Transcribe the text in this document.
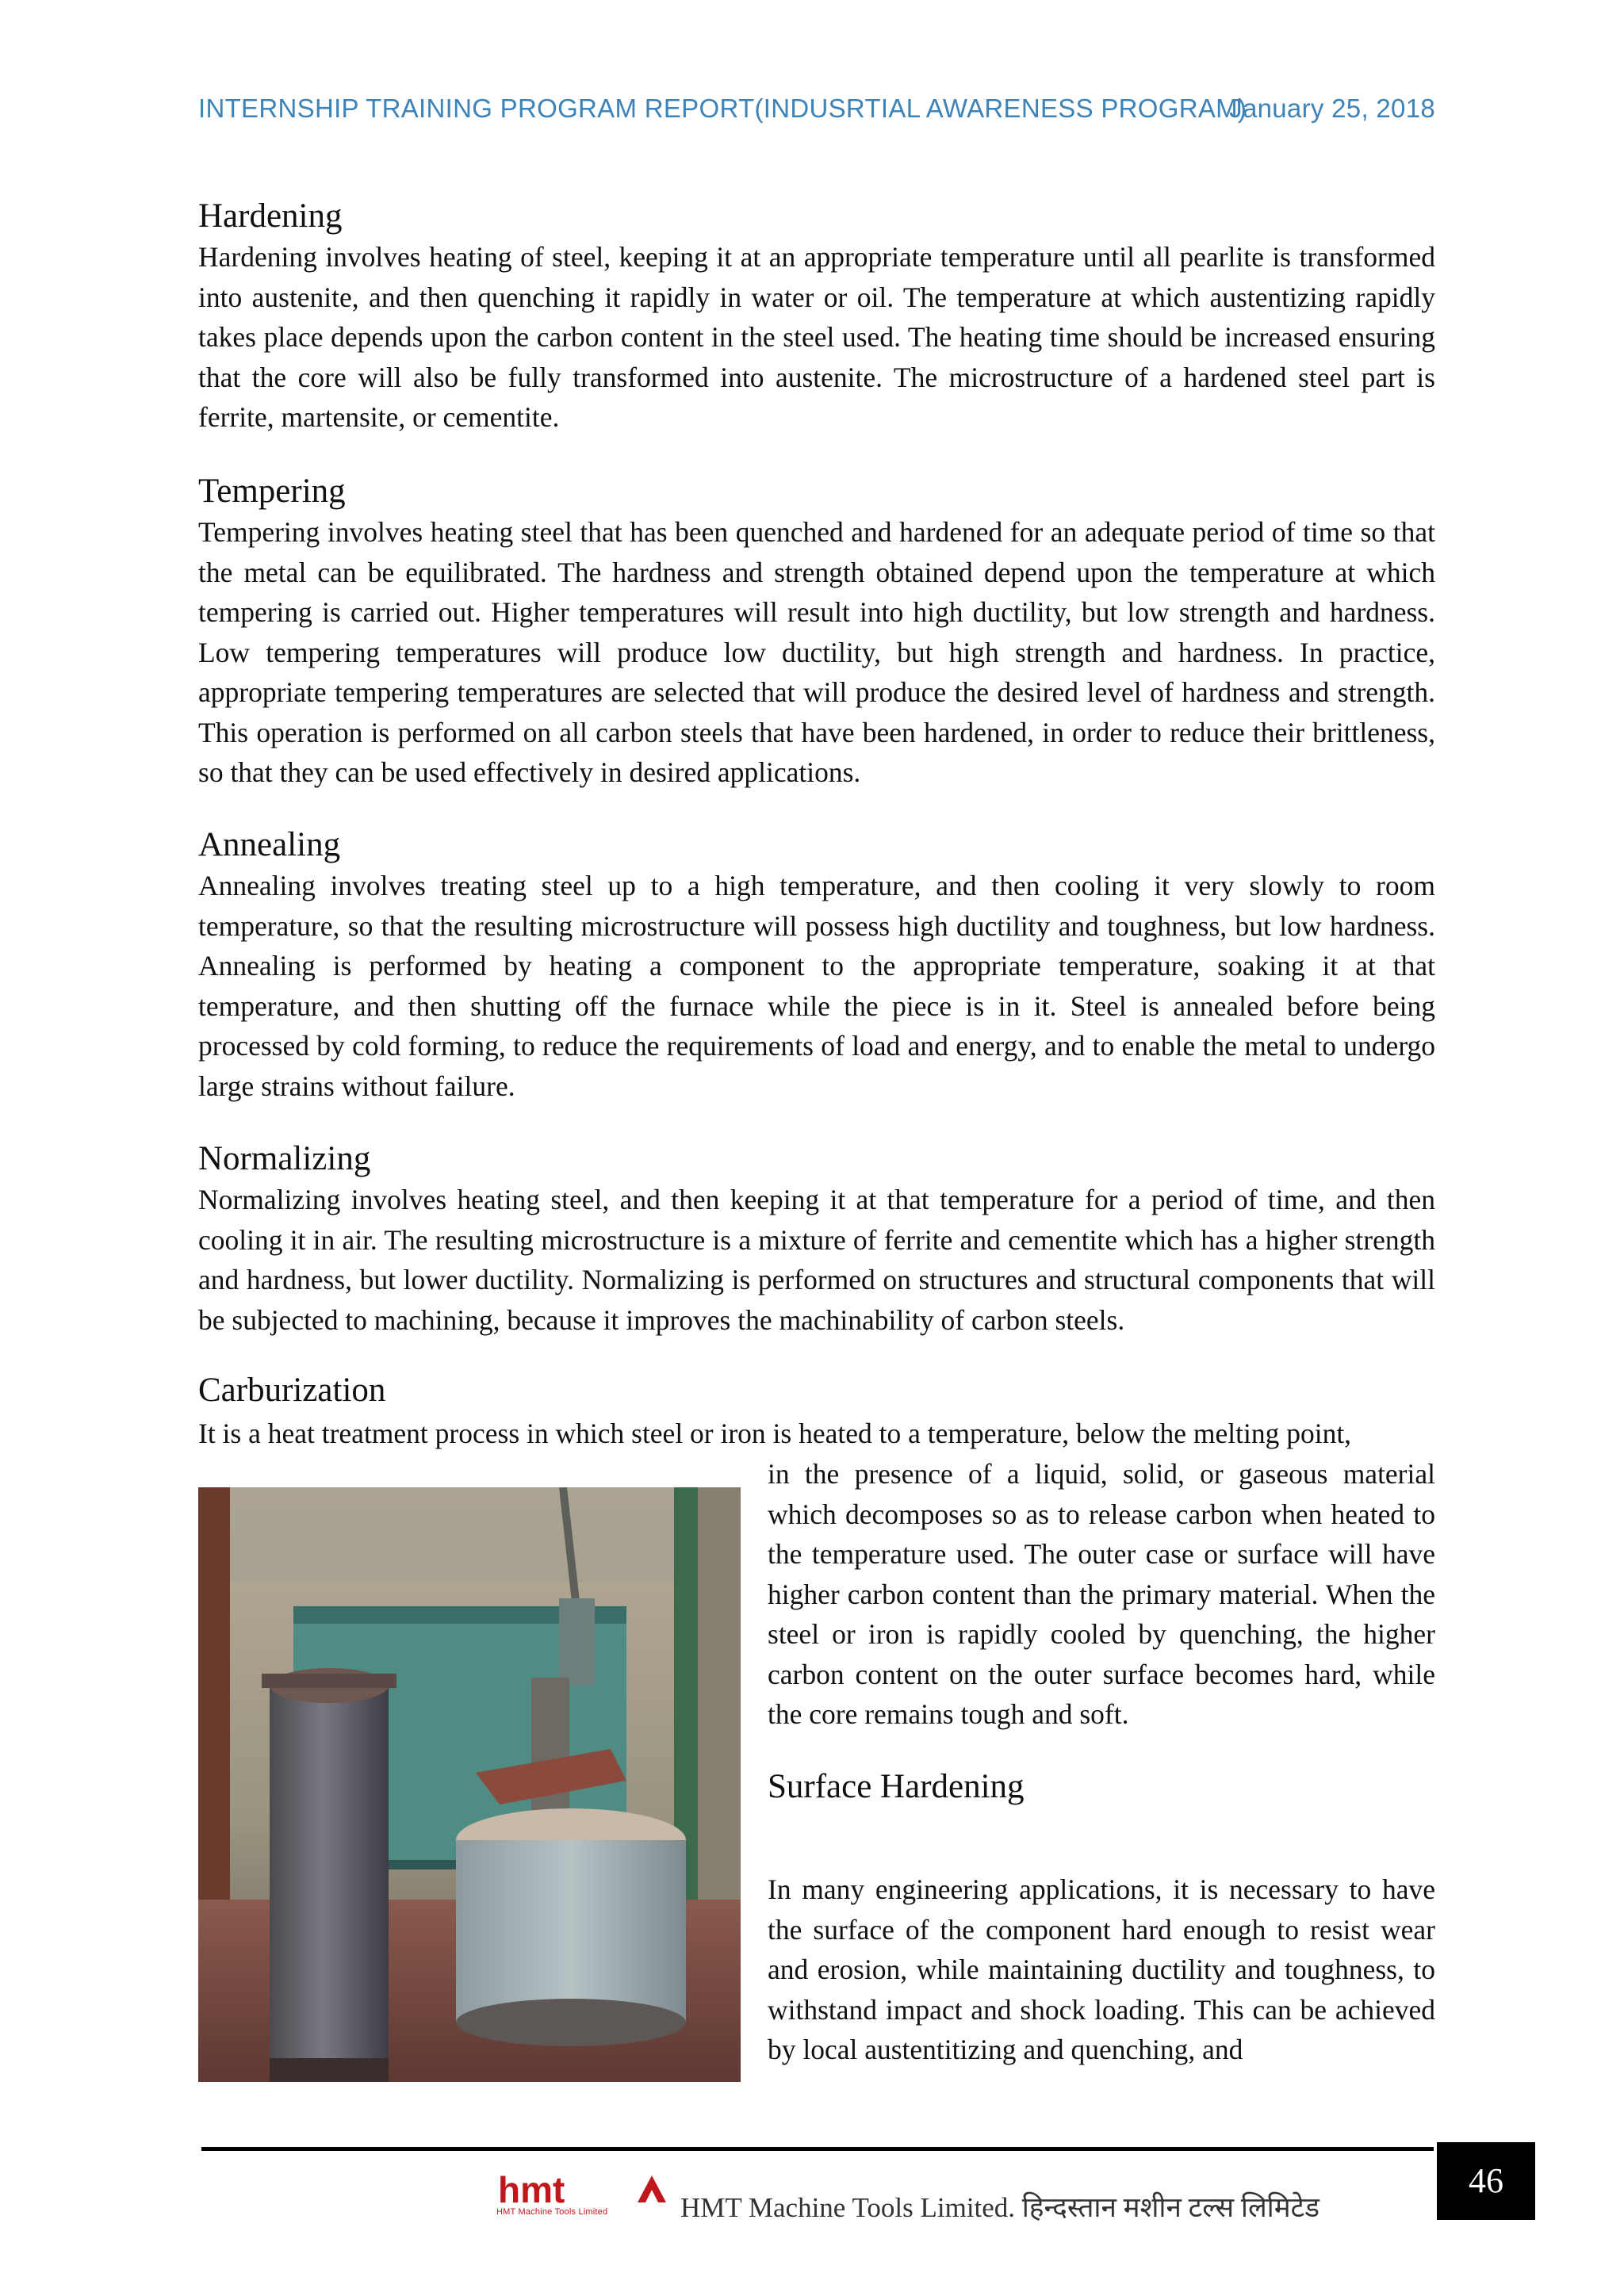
INTERNSHIP TRAINING PROGRAM REPORT(INDUSRTIAL AWARENESS PROGRAM)
January 25, 2018
Hardening

Hardening involves heating of steel, keeping it at an appropriate temperature until all pearlite is transformed into austenite, and then quenching it rapidly in water or oil. The temperature at which austentizing rapidly takes place depends upon the carbon content in the steel used. The heating time should be increased ensuring that the core will also be fully transformed into austenite. The microstructure of a hardened steel part is ferrite, martensite, or cementite.

Tempering

Tempering involves heating steel that has been quenched and hardened for an adequate period of time so that the metal can be equilibrated. The hardness and strength obtained depend upon the temperature at which tempering is carried out. Higher temperatures will result into high ductility, but low strength and hardness. Low tempering temperatures will produce low ductility, but high strength and hardness. In practice, appropriate tempering temperatures are selected that will produce the desired level of hardness and strength. This operation is performed on all carbon steels that have been hardened, in order to reduce their brittleness, so that they can be used effectively in desired applications.

Annealing

Annealing involves treating steel up to a high temperature, and then cooling it very slowly to room temperature, so that the resulting microstructure will possess high ductility and toughness, but low hardness. Annealing is performed by heating a component to the appropriate temperature, soaking it at that temperature, and then shutting off the furnace while the piece is in it. Steel is annealed before being processed by cold forming, to reduce the requirements of load and energy, and to enable the metal to undergo large strains without failure.

Normalizing

Normalizing involves heating steel, and then keeping it at that temperature for a period of time, and then cooling it in air. The resulting microstructure is a mixture of ferrite and cementite which has a higher strength and hardness, but lower ductility. Normalizing is performed on structures and structural components that will be subjected to machining, because it improves the machinability of carbon steels.

Carburization
It is a heat treatment process in which steel or iron is heated to a temperature, below the melting point,

in the presence of a liquid, solid, or gaseous material which decomposes so as to release carbon when heated to the temperature used. The outer case or surface will have higher carbon content than the primary material. When the steel or iron is rapidly cooled by quenching, the higher carbon content on the outer surface becomes hard, while the core remains tough and soft.

Surface Hardening

In many engineering applications, it is necessary to have the surface of the component hard enough to resist wear and erosion, while maintaining ductility and toughness, to withstand impact and shock loading. This can be achieved by local austentitizing and quenching, and

hmt
HMT Machine Tools Limited	HMT Machine Tools Limited. हिन्दस्तान मशीन टल्स लिमिटेड
46
